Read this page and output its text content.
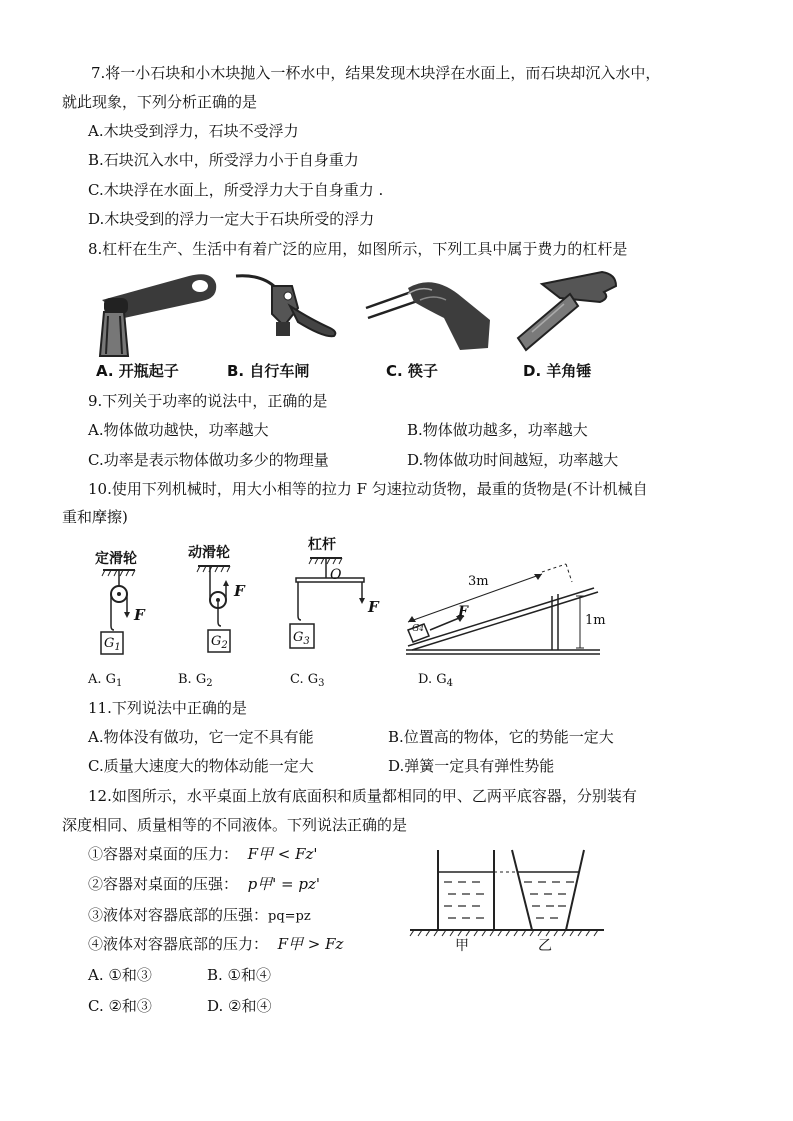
7.将一小石块和小木块抛入一杯水中，结果发现木块浮在水面上，而石块却沉入水中，
就此现象，下列分析正确的是
A.木块受到浮力，石块不受浮力
B.石块沉入水中，所受浮力小于自身重力
C.木块浮在水面上，所受浮力大于自身重力 .
D.木块受到的浮力一定大于石块所受的浮力
8.杠杆在生产、生活中有着广泛的应用，如图所示，下列工具中属于费力的杠杆是
A. 开瓶起子	B. 自行车闸	C. 筷子	D. 羊角锤
9.下列关于功率的说法中，正确的是
A.物体做功越快，功率越大	B.物体做功越多，功率越大
C.功率是表示物体做功多少的物理量	D.物体做功时间越短，功率越大
10.使用下列机械时，用大小相等的拉力 F 匀速拉动货物，最重的货物是(不计机械自
重和摩擦)
定滑轮
F
$G_1$
动滑轮
F
$G_2$
杠杆
O
F
$G_3$
3m
F
1m
G4
A. $G_1$	B. $G_2$	C. $G_3$	D. $G_4$
11.下列说法中正确的是
A.物体没有做功，它一定不具有能	B.位置高的物体，它的势能一定大
C.质量大速度大的物体动能一定大	D.弹簧一定具有弹性势能
12.如图所示，水平桌面上放有底面积和质量都相同的甲、乙两平底容器，分别装有
深度相同、质量相等的不同液体。下列说法正确的是
①容器对桌面的压力： F甲 < Fz'
②容器对桌面的压强： p甲' = pz'
③液体对容器底部的压强：pq=pz
④液体对容器底部的压力： F甲 > Fz
A. ①和③	B. ①和④
C. ②和③	D. ②和④
甲	乙
